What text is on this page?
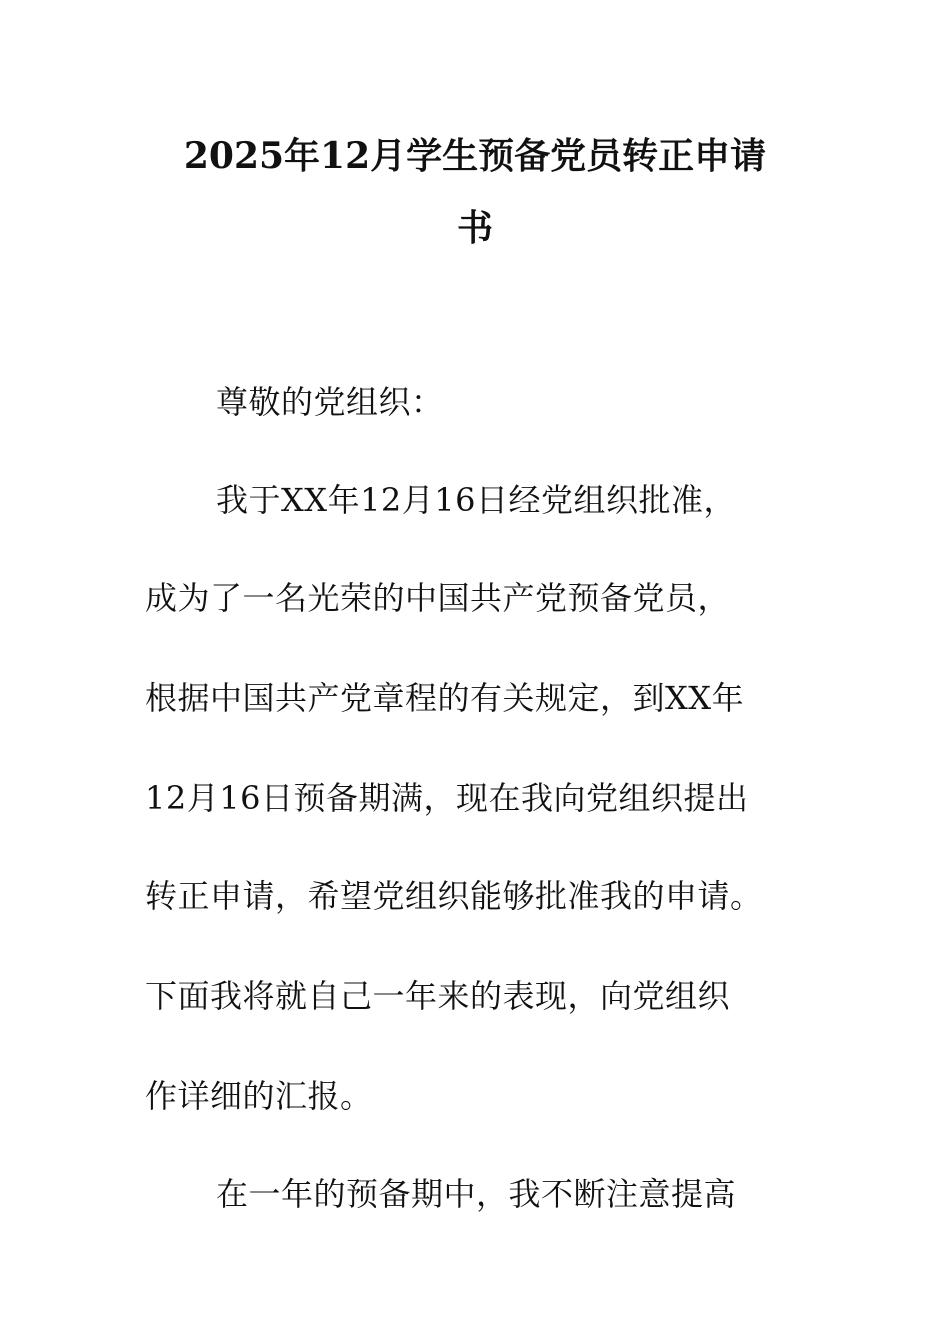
2025年12月学生预备党员转正申请
书
尊敬的党组织：
我于XX年12月16日经党组织批准，
成为了一名光荣的中国共产党预备党员，
根据中国共产党章程的有关规定，到XX年
12月16日预备期满，现在我向党组织提出
转正申请，希望党组织能够批准我的申请。
下面我将就自己一年来的表现，向党组织
作详细的汇报。
在一年的预备期中，我不断注意提高
